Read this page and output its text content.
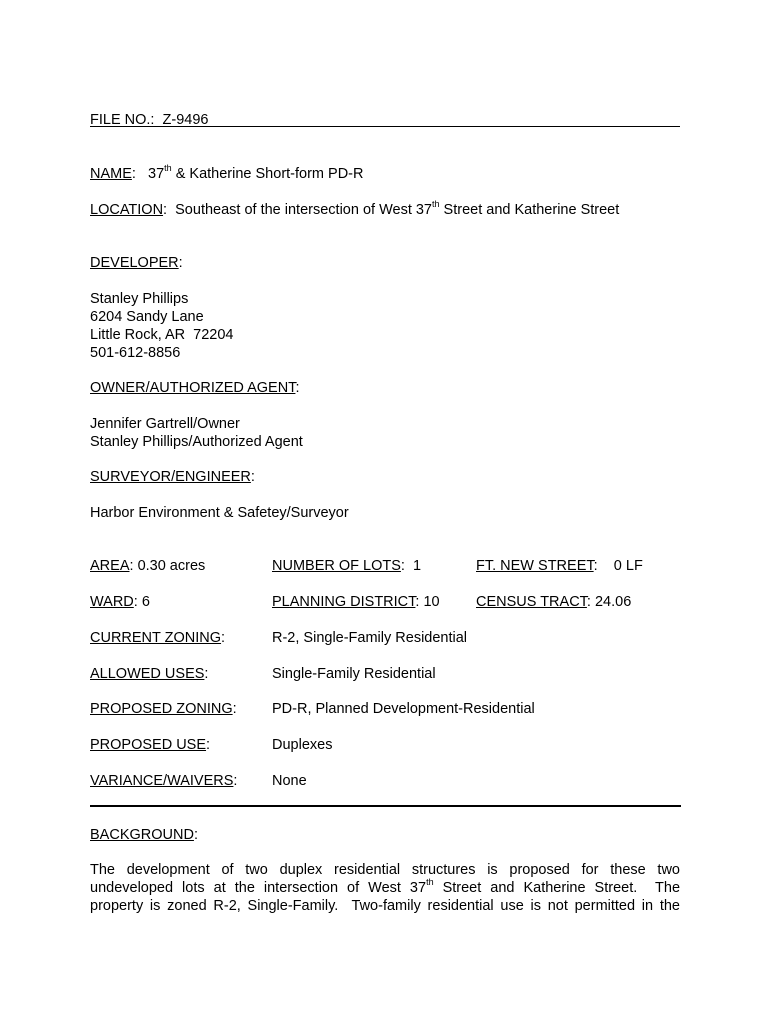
FILE NO.: Z-9496
NAME:   37th & Katherine Short-form PD-R
LOCATION:  Southeast of the intersection of West 37th Street and Katherine Street
DEVELOPER:
Stanley Phillips
6204 Sandy Lane
Little Rock, AR  72204
501-612-8856
OWNER/AUTHORIZED AGENT:
Jennifer Gartrell/Owner
Stanley Phillips/Authorized Agent
SURVEYOR/ENGINEER:
Harbor Environment & Safetey/Surveyor
AREA: 0.30 acres	NUMBER OF LOTS:  1	FT. NEW STREET:    0 LF
WARD: 6	PLANNING DISTRICT: 10	CENSUS TRACT: 24.06
CURRENT ZONING:	R-2, Single-Family Residential
ALLOWED USES:	Single-Family Residential
PROPOSED ZONING: PD-R, Planned Development-Residential
PROPOSED USE:	Duplexes
VARIANCE/WAIVERS: None
BACKGROUND:
The development of two duplex residential structures is proposed for these two
undeveloped lots at the intersection of West 37th Street and Katherine Street.  The
property is zoned R-2, Single-Family.  Two-family residential use is not permitted in the
